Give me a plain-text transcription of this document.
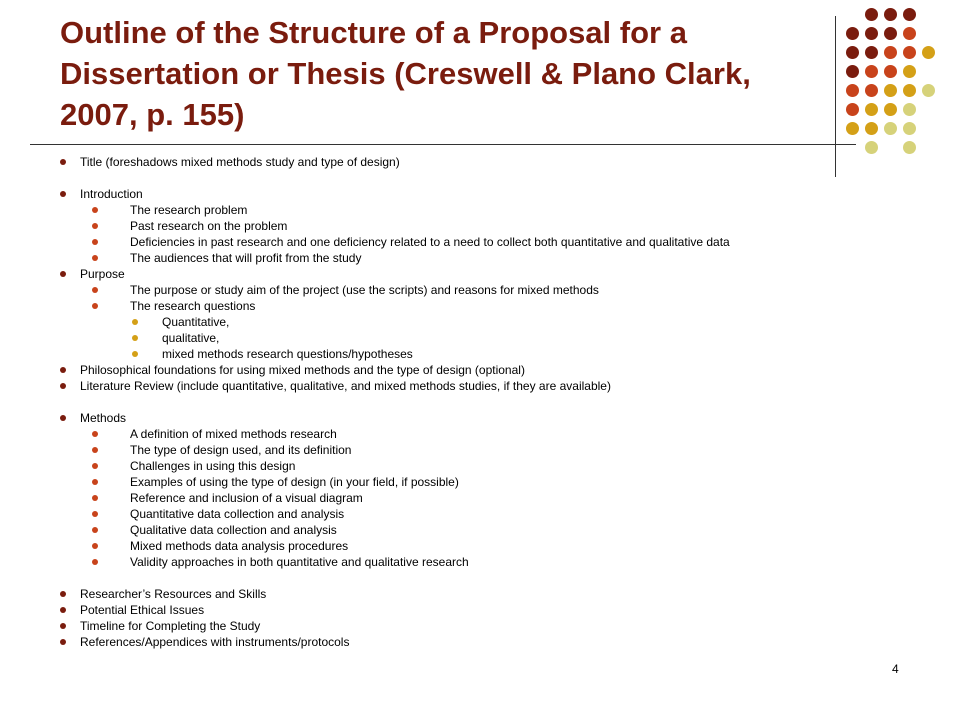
Outline of the Structure of a Proposal for a Dissertation or Thesis (Creswell & Plano Clark, 2007, p. 155)
Title (foreshadows mixed methods study and type of design)
Introduction
The research problem
Past research on the problem
Deficiencies in past research and one deficiency related to a need to collect both quantitative and qualitative data
The audiences that will profit from the study
Purpose
The purpose or study aim of the project (use the scripts) and reasons for mixed methods
The research questions
Quantitative,
qualitative,
mixed methods research questions/hypotheses
Philosophical foundations for using mixed methods and the type of design (optional)
Literature Review (include quantitative, qualitative, and mixed methods studies, if they are available)
Methods
A definition of mixed methods research
The type of design used, and its definition
Challenges in using this design
Examples of using the type of design (in your field, if possible)
Reference and inclusion of a visual diagram
Quantitative data collection and analysis
Qualitative data collection and analysis
Mixed methods data analysis procedures
Validity approaches in both quantitative and qualitative research
Researcher’s Resources and Skills
Potential Ethical Issues
Timeline for Completing the Study
References/Appendices with instruments/protocols
4
